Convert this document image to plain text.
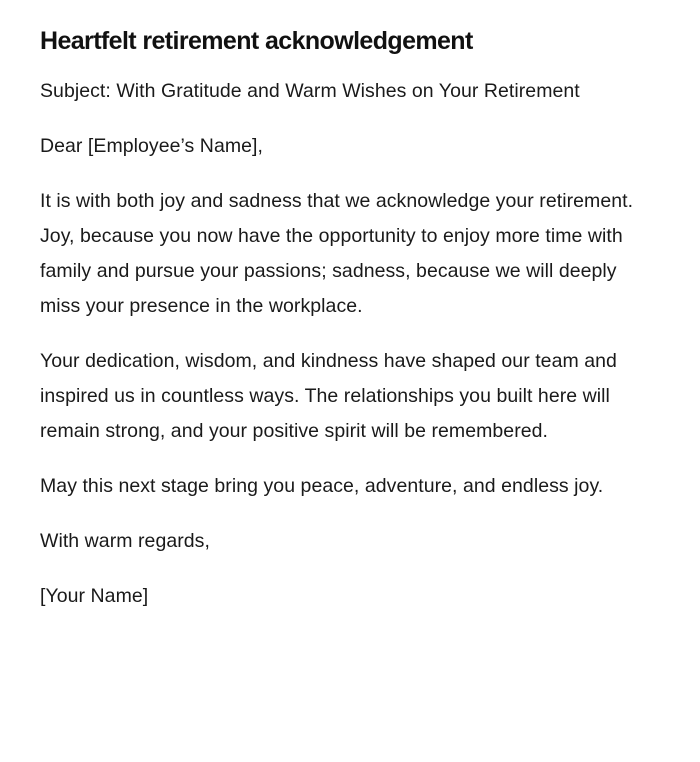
Heartfelt retirement acknowledgement

Subject: With Gratitude and Warm Wishes on Your Retirement

Dear [Employee’s Name],

It is with both joy and sadness that we acknowledge your retirement. Joy, because you now have the opportunity to enjoy more time with family and pursue your passions; sadness, because we will deeply miss your presence in the workplace.

Your dedication, wisdom, and kindness have shaped our team and inspired us in countless ways. The relationships you built here will remain strong, and your positive spirit will be remembered.

May this next stage bring you peace, adventure, and endless joy.

With warm regards,

[Your Name]
